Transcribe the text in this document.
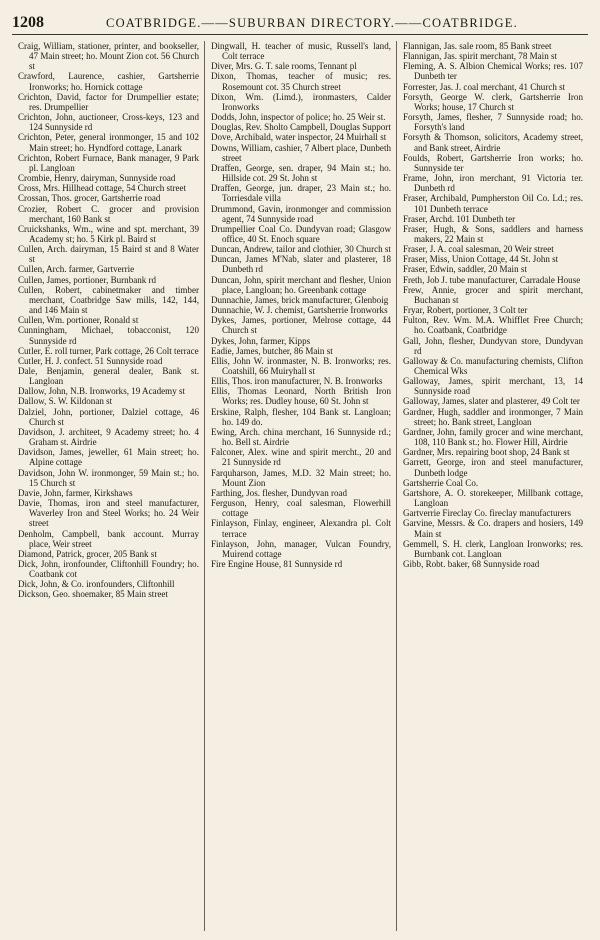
1208	COATBRIDGE.——SUBURBAN DIRECTORY.——COATBRIDGE.

Craig, William, stationer, printer, and bookseller, 47 Main street; ho. Mount Zion cot. 56 Church st

Crawford, Laurence, cashier, Gartsherrie Ironworks; ho. Hornick cottage

Crichton, David, factor for Drumpellier estate; res. Drumpellier

Crichton, John, auctioneer, Cross-keys, 123 and 124 Sunnyside rd

Crichton, Peter, general ironmonger, 15 and 102 Main street; ho. Hyndford cottage, Lanark

Crichton, Robert Furnace, Bank manager, 9 Park pl. Langloan

Crombie, Henry, dairyman, Sunnyside road

Cross, Mrs. Hillhead cottage, 54 Church street

Crossan, Thos. grocer, Gartsherrie road

Crozier, Robert C. grocer and provision merchant, 160 Bank st

Cruickshanks, Wm., wine and spt. merchant, 39 Academy st; ho. 5 Kirk pl. Baird st

Cullen, Arch. dairyman, 15 Baird st and 8 Water st

Cullen, Arch. farmer, Gartverrie

Cullen, James, portioner, Burnbank rd

Cullen, Robert, cabinetmaker and timber merchant, Coatbridge Saw mills, 142, 144, and 146 Main st

Cullen, Wm. portioner, Ronald st

Cunningham, Michael, tobacconist, 120 Sunnyside rd

Cutler, E. roll turner, Park cottage, 26 Colt terrace

Cutler, H. J. confect. 51 Sunnyside road

Dale, Benjamin, general dealer, Bank st. Langloan

Dallow, John, N.B. Ironworks, 19 Academy st

Dallow, S. W. Kildonan st

Dalziel, John, portioner, Dalziel cottage, 46 Church st

Davidson, J. architeet, 9 Academy street; ho. 4 Graham st. Airdrie

Davidson, James, jeweller, 61 Main street; ho. Alpine cottage

Davidson, John W. ironmonger, 59 Main st.; ho. 15 Church st

Davie, John, farmer, Kirkshaws

Davie, Thomas, iron and steel manufacturer, Waverley Iron and Steel Works; ho. 24 Weir street

Denholm, Campbell, bank account. Murray place, Weir street

Diamond, Patrick, grocer, 205 Bank st

Dick, John, ironfounder, Cliftonhill Foundry; ho. Coatbank cot

Dick, John, & Co. ironfounders, Cliftonhill

Dickson, Geo. shoemaker, 85 Main street

Dingwall, H. teacher of music, Russell's land, Colt terrace

Diver, Mrs. G. T. sale rooms, Tennant pl

Dixon, Thomas, teacher of music; res. Rosemount cot. 35 Church street

Dixon, Wm. (Limd.), ironmasters, Calder Ironworks

Dodds, John, inspector of police; ho. 25 Weir st.

Douglas, Rev. Sholto Campbell, Douglas Support

Dove, Archibald, water inspector, 24 Muirhall st

Downs, William, cashier, 7 Albert place, Dunbeth street

Draffen, George, sen. draper, 94 Main st.; ho. Hillside cot. 29 St. John st

Draffen, George, jun. draper, 23 Main st.; ho. Torriesdale villa

Drummond, Gavin, ironmonger and commission agent, 74 Sunnyside road

Drumpellier Coal Co. Dundyvan road; Glasgow office, 40 St. Enoch square

Duncan, Andrew, tailor and clothier, 30 Church st

Duncan, James M'Nab, slater and plasterer, 18 Dunbeth rd

Duncan, John, spirit merchant and flesher, Union place, Langloan; ho. Greenbank cottage

Dunnachie, James, brick manufacturer, Glenboig

Dunnachie, W. J. chemist, Gartsherrie Ironworks

Dykes, James, portioner, Melrose cottage, 44 Church st

Dykes, John, farmer, Kipps

Eadie, James, butcher, 86 Main st

Ellis, John W. ironmaster, N. B. Ironworks; res. Coatshill, 66 Muiryhall st

Ellis, Thos. iron manufacturer, N. B. Ironworks

Ellis, Thomas Leonard, North British Iron Works; res. Dudley house, 60 St. John st

Erskine, Ralph, flesher, 104 Bank st. Langloan; ho. 149 do.

Ewing, Arch. china merchant, 16 Sunnyside rd.; ho. Bell st. Airdrie

Falconer, Alex. wine and spirit mercht., 20 and 21 Sunnyside rd

Farquharson, James, M.D. 32 Main street; ho. Mount Zion

Farthing, Jos. flesher, Dundyvan road

Ferguson, Henry, coal salesman, Flowerhill cottage

Finlayson, Finlay, engineer, Alexandra pl. Colt terrace

Finlayson, John, manager, Vulcan Foundry, Muirend cottage

Fire Engine House, 81 Sunnyside rd

Flannigan, Jas. sale room, 85 Bank street

Flannigan, Jas. spirit merchant, 78 Main st

Fleming, A. S. Albion Chemical Works; res. 107 Dunbeth ter

Forrester, Jas. J. coal merchant, 41 Church st

Forsyth, George W. clerk, Gartsherrie Iron Works; house, 17 Church st

Forsyth, James, flesher, 7 Sunnyside road; ho. Forsyth's land

Forsyth & Thomson, solicitors, Academy street, and Bank street, Airdrie

Foulds, Robert, Gartsherrie Iron works; ho. Sunnyside ter

Frame, John, iron merchant, 91 Victoria ter. Dunbeth rd

Fraser, Archibald, Pumpherston Oil Co. Ld.; res. 101 Dunbeth terrace

Fraser, Archd. 101 Dunbeth ter

Fraser, Hugh, & Sons, saddlers and harness makers, 22 Main st

Fraser, J. A. coal salesman, 20 Weir street

Fraser, Miss, Union Cottage, 44 St. John st

Fraser, Edwin, saddler, 20 Main st

Freth, Job J. tube manufacturer, Carradale House

Frew, Annie, grocer and spirit merchant, Buchanan st

Fryar, Robert, portioner, 3 Colt ter

Fulton, Rev. Wm. M.A. Whifflet Free Church; ho. Coatbank, Coatbridge

Gall, John, flesher, Dundyvan store, Dundyvan rd

Galloway & Co. manufacturing chemists, Clifton Chemical Wks

Galloway, James, spirit merchant, 13, 14 Sunnyside road

Galloway, James, slater and plasterer, 49 Colt ter

Gardner, Hugh, saddler and ironmonger, 7 Main street; ho. Bank street, Langloan

Gardner, John, family grocer and wine merchant, 108, 110 Bank st.; ho. Flower Hill, Airdrie

Gardner, Mrs. repairing boot shop, 24 Bank st

Garrett, George, iron and steel manufacturer, Dunbeth lodge

Gartsherrie Coal Co.

Gartshore, A. O. storekeeper, Millbank cottage, Langloan

Gartverrie Fireclay Co. fireclay manufacturers

Garvine, Messrs. & Co. drapers and hosiers, 149 Main st

Gemmell, S. H. clerk, Langloan Ironworks; res. Burnbank cot. Langloan

Gibb, Robt. baker, 68 Sunnyside road
